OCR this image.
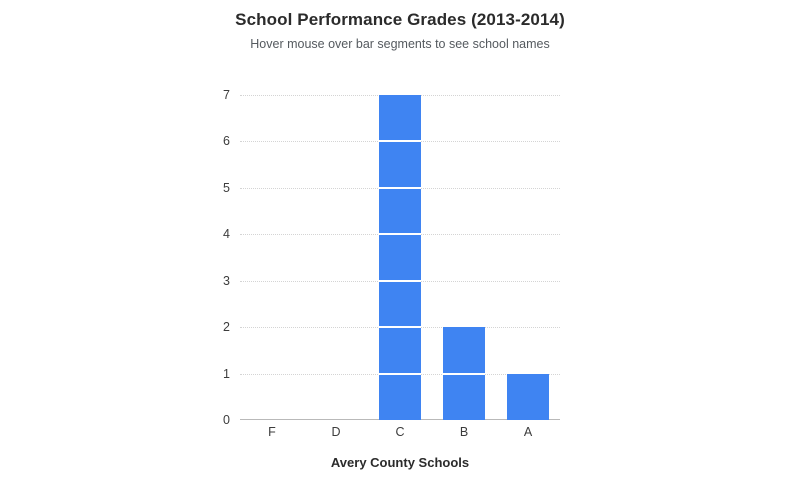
School Performance Grades (2013-2014)
Hover mouse over bar segments to see school names
0
1
2
3
4
5
6
7
F	D	C	B	A
Avery County Schools
